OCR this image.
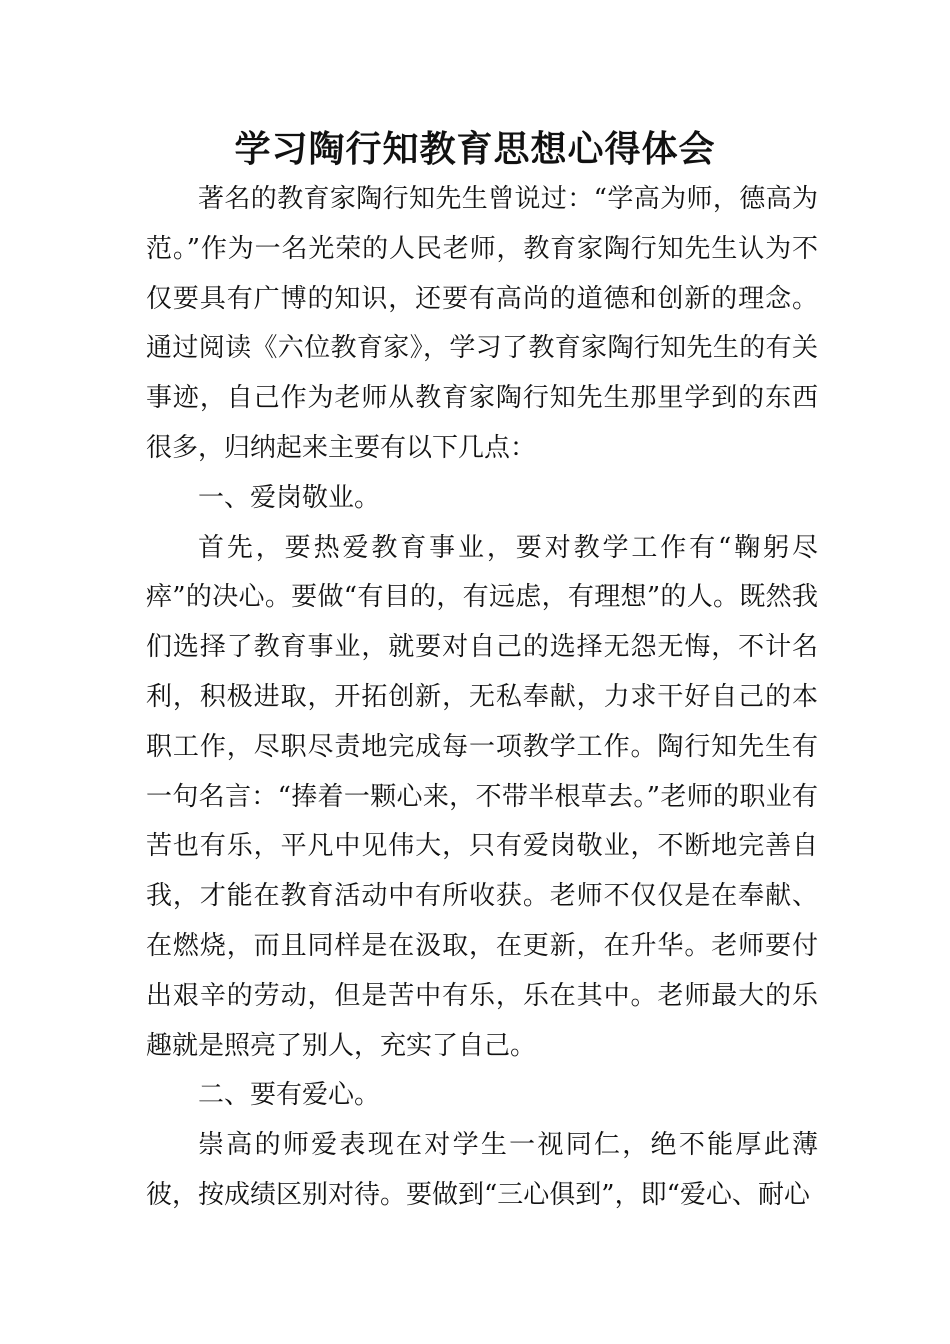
学习陶行知教育思想心得体会

著名的教育家陶行知先生曾说过：“学高为师，德高为范。”作为一名光荣的人民老师，教育家陶行知先生认为不仅要具有广博的知识，还要有高尚的道德和创新的理念。通过阅读《六位教育家》，学习了教育家陶行知先生的有关事迹，自己作为老师从教育家陶行知先生那里学到的东西很多，归纳起来主要有以下几点：

一、爱岗敬业。

首先，要热爱教育事业，要对教学工作有“鞠躬尽瘁”的决心。要做“有目的，有远虑，有理想”的人。既然我们选择了教育事业，就要对自己的选择无怨无悔，不计名利，积极进取，开拓创新，无私奉献，力求干好自己的本职工作，尽职尽责地完成每一项教学工作。陶行知先生有一句名言：“捧着一颗心来，不带半根草去。”老师的职业有苦也有乐，平凡中见伟大，只有爱岗敬业，不断地完善自我，才能在教育活动中有所收获。老师不仅仅是在奉献、在燃烧，而且同样是在汲取，在更新，在升华。老师要付出艰辛的劳动，但是苦中有乐，乐在其中。老师最大的乐趣就是照亮了别人，充实了自己。

二、要有爱心。

崇高的师爱表现在对学生一视同仁，绝不能厚此薄彼，按成绩区别对待。要做到“三心俱到”，即“爱心、耐心
